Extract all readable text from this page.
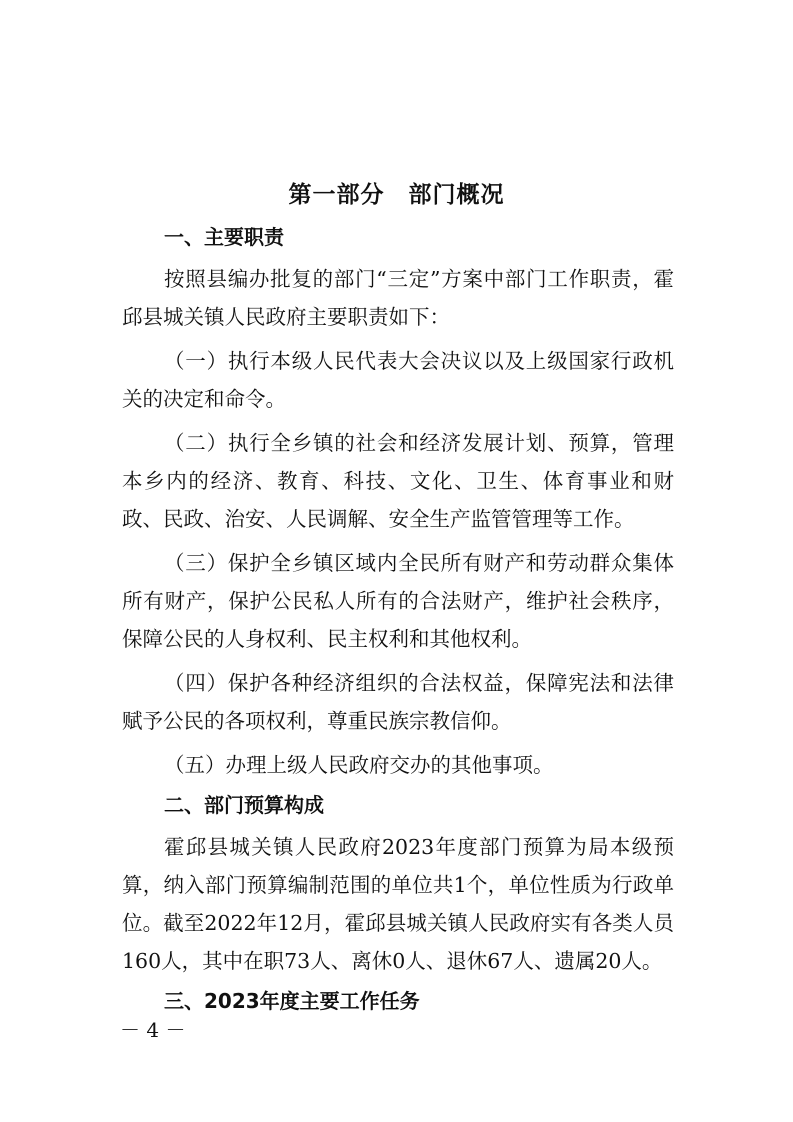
第一部分　部门概况
一、主要职责

按照县编办批复的部门“三定”方案中部门工作职责，霍邱县城关镇人民政府主要职责如下：

（一）执行本级人民代表大会决议以及上级国家行政机关的决定和命令。

（二）执行全乡镇的社会和经济发展计划、预算，管理本乡内的经济、教育、科技、文化、卫生、体育事业和财政、民政、治安、人民调解、安全生产监管管理等工作。

（三）保护全乡镇区域内全民所有财产和劳动群众集体所有财产，保护公民私人所有的合法财产，维护社会秩序，保障公民的人身权利、民主权利和其他权利。

（四）保护各种经济组织的合法权益，保障宪法和法律赋予公民的各项权利，尊重民族宗教信仰。

（五）办理上级人民政府交办的其他事项。

二、部门预算构成

霍邱县城关镇人民政府2023年度部门预算为局本级预算，纳入部门预算编制范围的单位共1个，单位性质为行政单位。截至2022年12月，霍邱县城关镇人民政府实有各类人员160人，其中在职73人、离休0人、退休67人、遗属20人。

三、2023年度主要工作任务
－ 4 －
